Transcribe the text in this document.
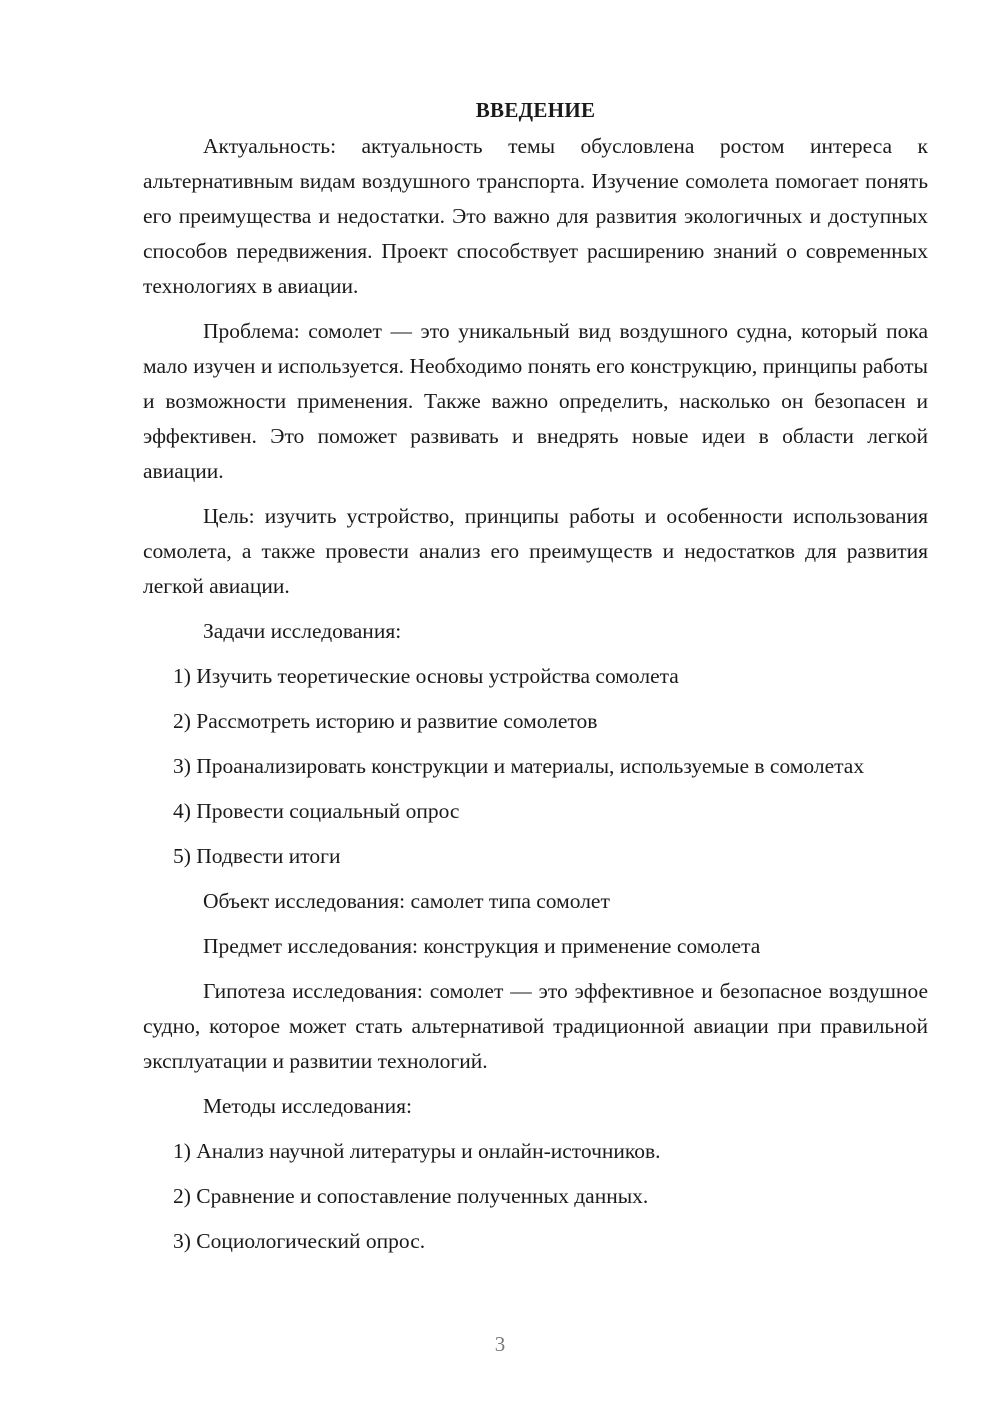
ВВЕДЕНИЕ

Актуальность: актуальность темы обусловлена ростом интереса к альтернативным видам воздушного транспорта. Изучение сомолета помогает понять его преимущества и недостатки. Это важно для развития экологичных и доступных способов передвижения. Проект способствует расширению знаний о современных технологиях в авиации.

Проблема: сомолет — это уникальный вид воздушного судна, который пока мало изучен и используется. Необходимо понять его конструкцию, принципы работы и возможности применения. Также важно определить, насколько он безопасен и эффективен. Это поможет развивать и внедрять новые идеи в области легкой авиации.

Цель: изучить устройство, принципы работы и особенности использования сомолета, а также провести анализ его преимуществ и недостатков для развития легкой авиации.

Задачи исследования:

1) Изучить теоретические основы устройства сомолета

2) Рассмотреть историю и развитие сомолетов

3) Проанализировать конструкции и материалы, используемые в сомолетах

4) Провести социальный опрос

5) Подвести итоги

Объект исследования: самолет типа сомолет

Предмет исследования: конструкция и применение сомолета

Гипотеза исследования: сомолет — это эффективное и безопасное воздушное судно, которое может стать альтернативой традиционной авиации при правильной эксплуатации и развитии технологий.

Методы исследования:

1) Анализ научной литературы и онлайн-источников.

2) Сравнение и сопоставление полученных данных.

3) Социологический опрос.

3
